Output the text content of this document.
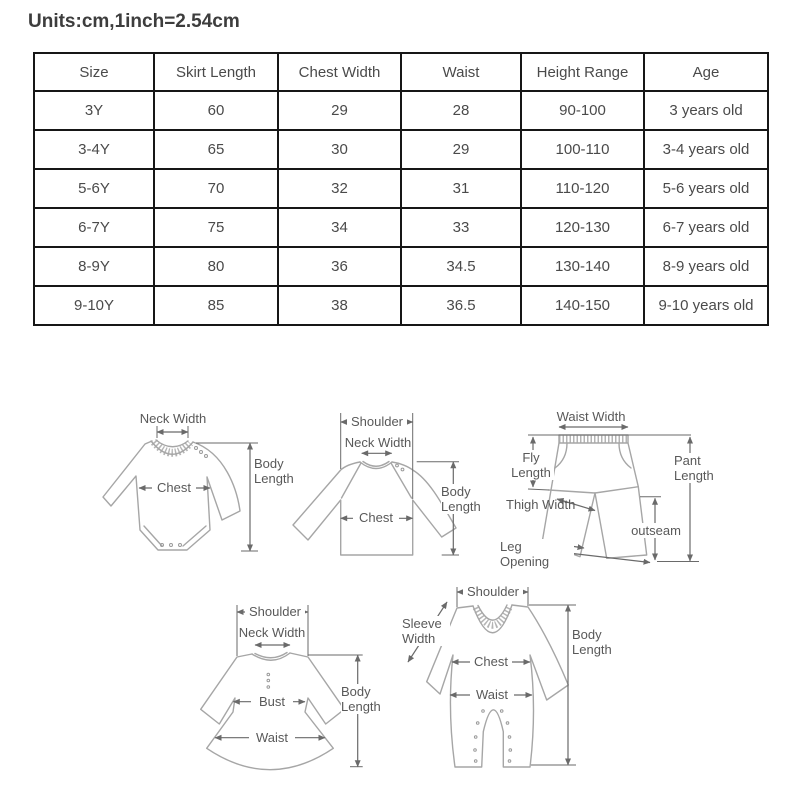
Units:cm,1inch=2.54cm
Size	Skirt Length	Chest Width	Waist	Height Range	Age
3Y	60	29	28	90-100	3 years old
3-4Y	65	30	29	100-110	3-4 years old
5-6Y	70	32	31	110-120	5-6 years old
6-7Y	75	34	33	120-130	6-7 years old
8-9Y	80	36	34.5	130-140	8-9 years old
9-10Y	85	38	36.5	140-150	9-10 years old
Neck Width
Chest
Body Length
Shoulder
Neck Width
Chest
Body Length
Waist Width
Fly Length
Thigh Width
outseam
Leg Opening
Pant Length
Shoulder
Neck Width
Bust
Waist
Body Length
Shoulder
Sleeve Width
Chest
Waist
Body Length
